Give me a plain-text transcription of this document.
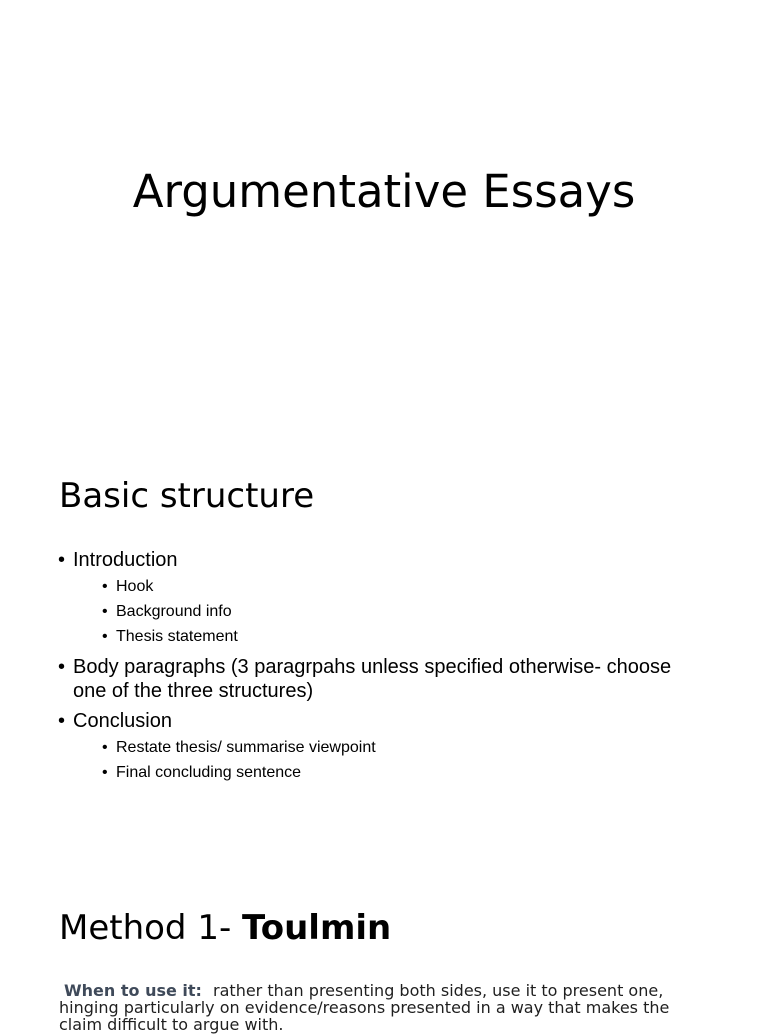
Argumentative Essays
Basic structure
• Introduction
• Hook
• Background info
• Thesis statement
• Body paragraphs (3 paragrpahs unless specified otherwise- choose one of the three structures)
• Conclusion
• Restate thesis/ summarise viewpoint
• Final concluding sentence
Method 1- Toulmin
When to use it: rather than presenting both sides, use it to present one, hinging particularly on evidence/reasons presented in a way that makes the claim difficult to argue with.
